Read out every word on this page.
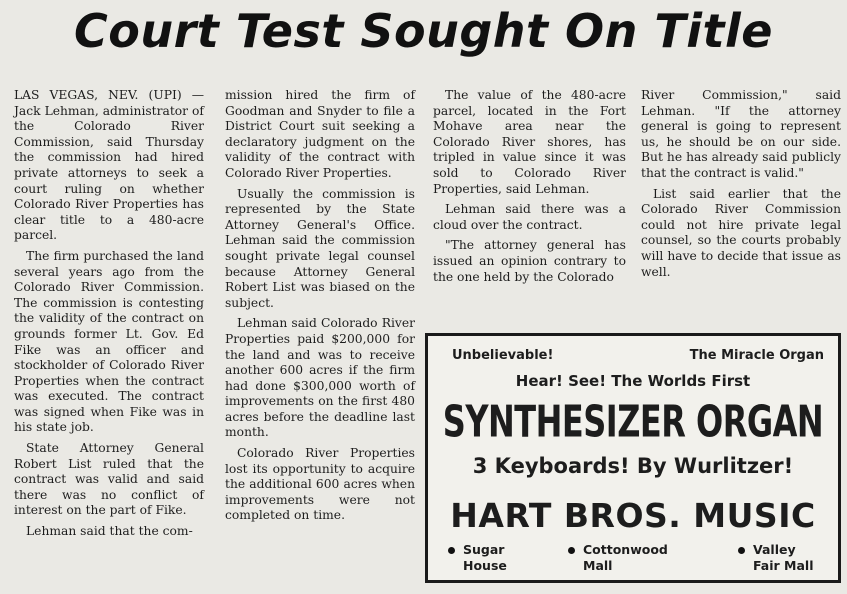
Court Test Sought On Title

LAS VEGAS, NEV. (UPI) — Jack Lehman, administrator of the Colorado River Commission, said Thursday the commission had hired private attorneys to seek a court ruling on whether Colorado River Properties has clear title to a 480-acre parcel.

The firm purchased the land several years ago from the Colorado River Commission. The commission is contesting the validity of the contract on grounds former Lt. Gov. Ed Fike was an officer and stockholder of Colorado River Properties when the contract was executed. The contract was signed when Fike was in his state job.

State Attorney General Robert List ruled that the contract was valid and said there was no conflict of interest on the part of Fike.

Lehman said that the com-

mission hired the firm of Goodman and Snyder to file a District Court suit seeking a declaratory judgment on the validity of the contract with Colorado River Properties.

Usually the commission is represented by the State Attorney General's Office. Lehman said the commission sought private legal counsel because Attorney General Robert List was biased on the subject.

Lehman said Colorado River Properties paid $200,000 for the land and was to receive another 600 acres if the firm had done $300,000 worth of improvements on the first 480 acres before the deadline last month.

Colorado River Properties lost its opportunity to acquire the additional 600 acres when improvements were not completed on time.

The value of the 480-acre parcel, located in the Fort Mohave area near the Colorado River shores, has tripled in value since it was sold to Colorado River Properties, said Lehman.

Lehman said there was a cloud over the contract.

"The attorney general has issued an opinion contrary to the one held by the Colorado

River Commission," said Lehman. "If the attorney general is going to represent us, he should be on our side. But he has already said publicly that the contract is valid."

List said earlier that the Colorado River Commission could not hire private legal counsel, so the courts probably will have to decide that issue as well.

Unbelievable!	The Miracle Organ
Hear! See! The Worlds First
SYNTHESIZER ORGAN
3 Keyboards! By Wurlitzer!
HART BROS. MUSIC
Sugar
House
Cottonwood
Mall
Valley
Fair Mall
